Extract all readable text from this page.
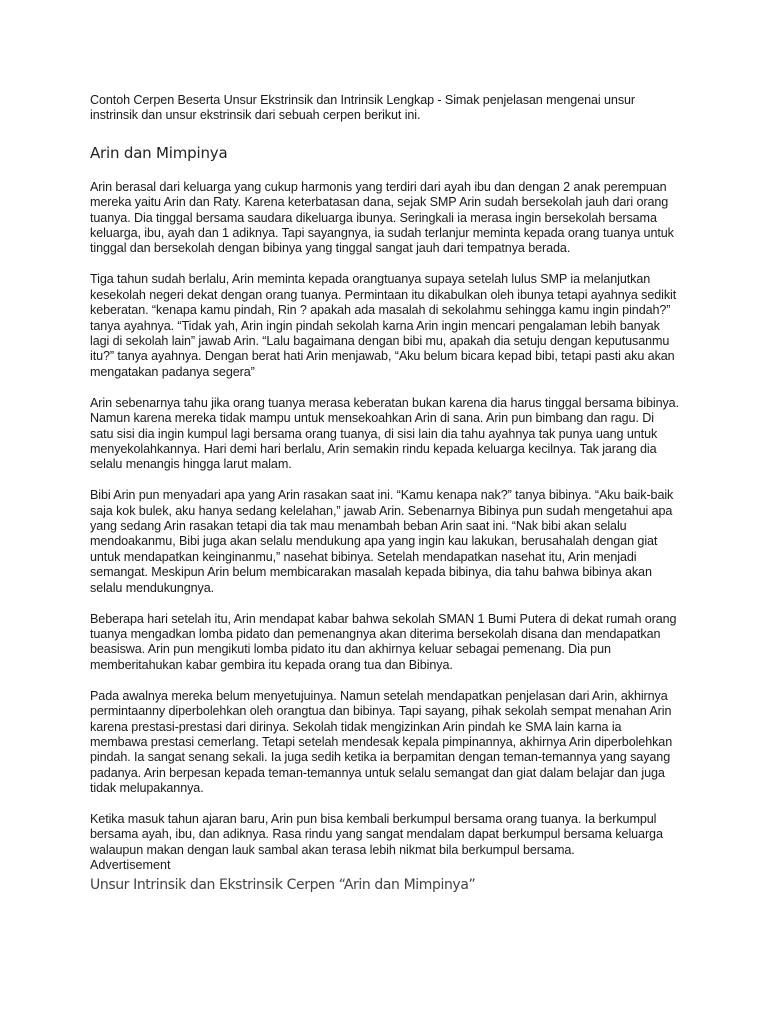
Contoh Cerpen Beserta Unsur Ekstrinsik dan Intrinsik Lengkap - Simak penjelasan mengenai unsur instrinsik dan unsur ekstrinsik dari sebuah cerpen berikut ini.

Arin dan Mimpinya

Arin berasal dari keluarga yang cukup harmonis yang terdiri dari ayah ibu dan dengan 2 anak perempuan mereka yaitu Arin dan Raty. Karena keterbatasan dana, sejak SMP Arin sudah bersekolah jauh dari orang tuanya. Dia tinggal bersama saudara dikeluarga ibunya. Seringkali ia merasa ingin bersekolah bersama keluarga, ibu, ayah dan 1 adiknya. Tapi sayangnya, ia sudah terlanjur meminta kepada orang tuanya untuk tinggal dan bersekolah dengan bibinya yang tinggal sangat jauh dari tempatnya berada.

Tiga tahun sudah berlalu, Arin meminta kepada orangtuanya supaya setelah lulus SMP ia melanjutkan kesekolah negeri dekat dengan orang tuanya. Permintaan itu dikabulkan oleh ibunya tetapi ayahnya sedikit keberatan. “kenapa kamu pindah, Rin ? apakah ada masalah di sekolahmu sehingga kamu ingin pindah?” tanya ayahnya. “Tidak yah, Arin ingin pindah sekolah karna Arin ingin mencari pengalaman lebih banyak lagi di sekolah lain” jawab Arin. “Lalu bagaimana dengan bibi mu, apakah dia setuju dengan keputusanmu itu?” tanya ayahnya. Dengan berat hati Arin menjawab, “Aku belum bicara kepad bibi, tetapi pasti aku akan mengatakan padanya segera”

Arin sebenarnya tahu jika orang tuanya merasa keberatan bukan karena dia harus tinggal bersama bibinya. Namun karena mereka tidak mampu untuk mensekoahkan Arin di sana. Arin pun bimbang dan ragu. Di satu sisi dia ingin kumpul lagi bersama orang tuanya, di sisi lain dia tahu ayahnya tak punya uang untuk menyekolahkannya. Hari demi hari berlalu, Arin semakin rindu kepada keluarga kecilnya. Tak jarang dia selalu menangis hingga larut malam.

Bibi Arin pun menyadari apa yang Arin rasakan saat ini. “Kamu kenapa nak?” tanya bibinya. “Aku baik-baik saja kok bulek, aku hanya sedang kelelahan,” jawab Arin. Sebenarnya Bibinya pun sudah mengetahui apa yang sedang Arin rasakan tetapi dia tak mau menambah beban Arin saat ini. “Nak bibi akan selalu mendoakanmu, Bibi juga akan selalu mendukung apa yang ingin kau lakukan, berusahalah dengan giat untuk mendapatkan keinginanmu,” nasehat bibinya. Setelah mendapatkan nasehat itu, Arin menjadi semangat. Meskipun Arin belum membicarakan masalah kepada bibinya, dia tahu bahwa bibinya akan selalu mendukungnya.

Beberapa hari setelah itu, Arin mendapat kabar bahwa sekolah SMAN 1 Bumi Putera di dekat rumah orang tuanya mengadkan lomba pidato dan pemenangnya akan diterima bersekolah disana dan mendapatkan beasiswa. Arin pun mengikuti lomba pidato itu dan akhirnya keluar sebagai pemenang. Dia pun memberitahukan kabar gembira itu kepada orang tua dan Bibinya.

Pada awalnya mereka belum menyetujuinya. Namun setelah mendapatkan penjelasan dari Arin, akhirnya permintaanny diperbolehkan oleh orangtua dan bibinya. Tapi sayang, pihak sekolah sempat menahan Arin karena prestasi-prestasi dari dirinya. Sekolah tidak mengizinkan Arin pindah ke SMA lain karna ia membawa prestasi cemerlang. Tetapi setelah mendesak kepala pimpinannya, akhirnya Arin diperbolehkan pindah. Ia sangat senang sekali. Ia juga sedih ketika ia berpamitan dengan teman-temannya yang sayang padanya. Arin berpesan kepada teman-temannya untuk selalu semangat dan giat dalam belajar dan juga tidak melupakannya.

Ketika masuk tahun ajaran baru, Arin pun bisa kembali berkumpul bersama orang tuanya. Ia berkumpul bersama ayah, ibu, dan adiknya. Rasa rindu yang sangat mendalam dapat berkumpul bersama keluarga walaupun makan dengan lauk sambal akan terasa lebih nikmat bila berkumpul bersama.

Advertisement
Unsur Intrinsik dan Ekstrinsik Cerpen “Arin dan Mimpinya”
